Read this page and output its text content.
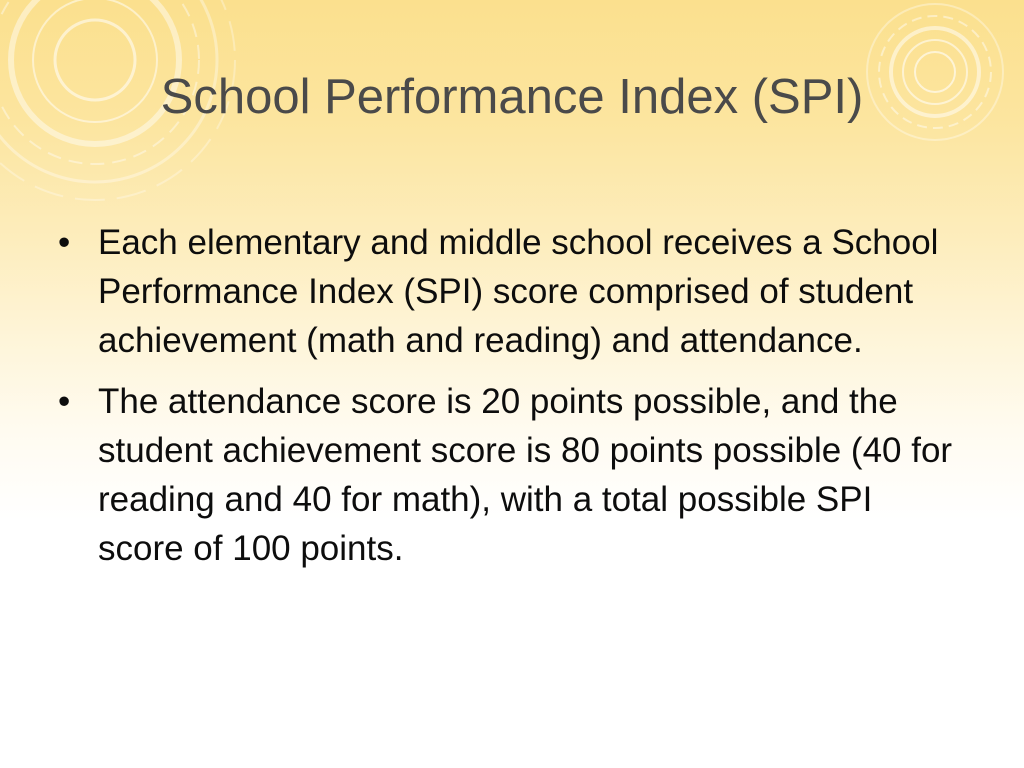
School Performance Index (SPI)
• Each elementary and middle school receives a School Performance Index (SPI) score comprised of student achievement (math and reading) and attendance.
• The attendance score is 20 points possible, and the student achievement score is 80 points possible (40 for reading and 40 for math), with a total possible SPI score of 100 points.
